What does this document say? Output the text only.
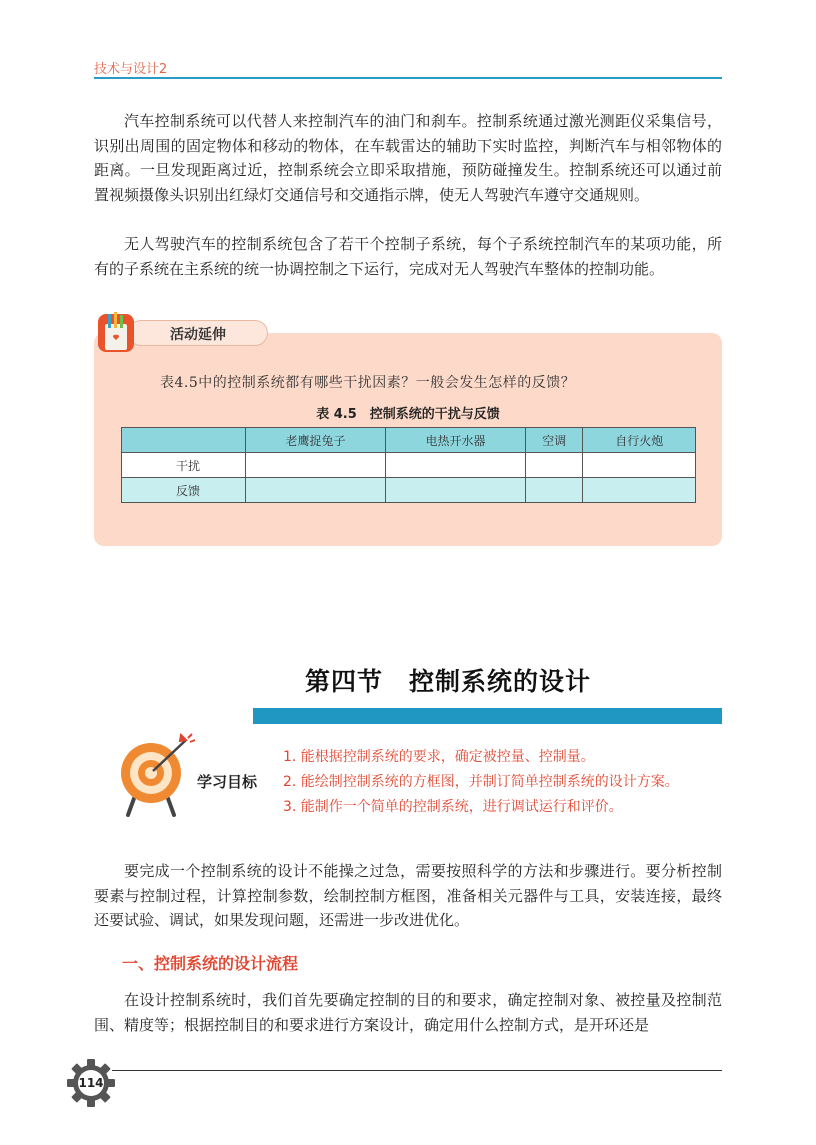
技术与设计2

汽车控制系统可以代替人来控制汽车的油门和刹车。控制系统通过激光测距仪采集信号，识别出周围的固定物体和移动的物体，在车载雷达的辅助下实时监控，判断汽车与相邻物体的距离。一旦发现距离过近，控制系统会立即采取措施，预防碰撞发生。控制系统还可以通过前置视频摄像头识别出红绿灯交通信号和交通指示牌，使无人驾驶汽车遵守交通规则。

无人驾驶汽车的控制系统包含了若干个控制子系统，每个子系统控制汽车的某项功能，所有的子系统在主系统的统一协调控制之下运行，完成对无人驾驶汽车整体的控制功能。

活动延伸
表4.5中的控制系统都有哪些干扰因素？一般会发生怎样的反馈？
表 4.5　控制系统的干扰与反馈
	老鹰捉兔子	电热开水器	空调	自行火炮
干扰				
反馈				
第四节　控制系统的设计
学习目标
1. 能根据控制系统的要求，确定被控量、控制量。
2. 能绘制控制系统的方框图，并制订简单控制系统的设计方案。
3. 能制作一个简单的控制系统，进行调试运行和评价。

要完成一个控制系统的设计不能操之过急，需要按照科学的方法和步骤进行。要分析控制要素与控制过程，计算控制参数，绘制控制方框图，准备相关元器件与工具，安装连接，最终还要试验、调试，如果发现问题，还需进一步改进优化。

一、控制系统的设计流程

在设计控制系统时，我们首先要确定控制的目的和要求，确定控制对象、被控量及控制范围、精度等；根据控制目的和要求进行方案设计，确定用什么控制方式，是开环还是

114
